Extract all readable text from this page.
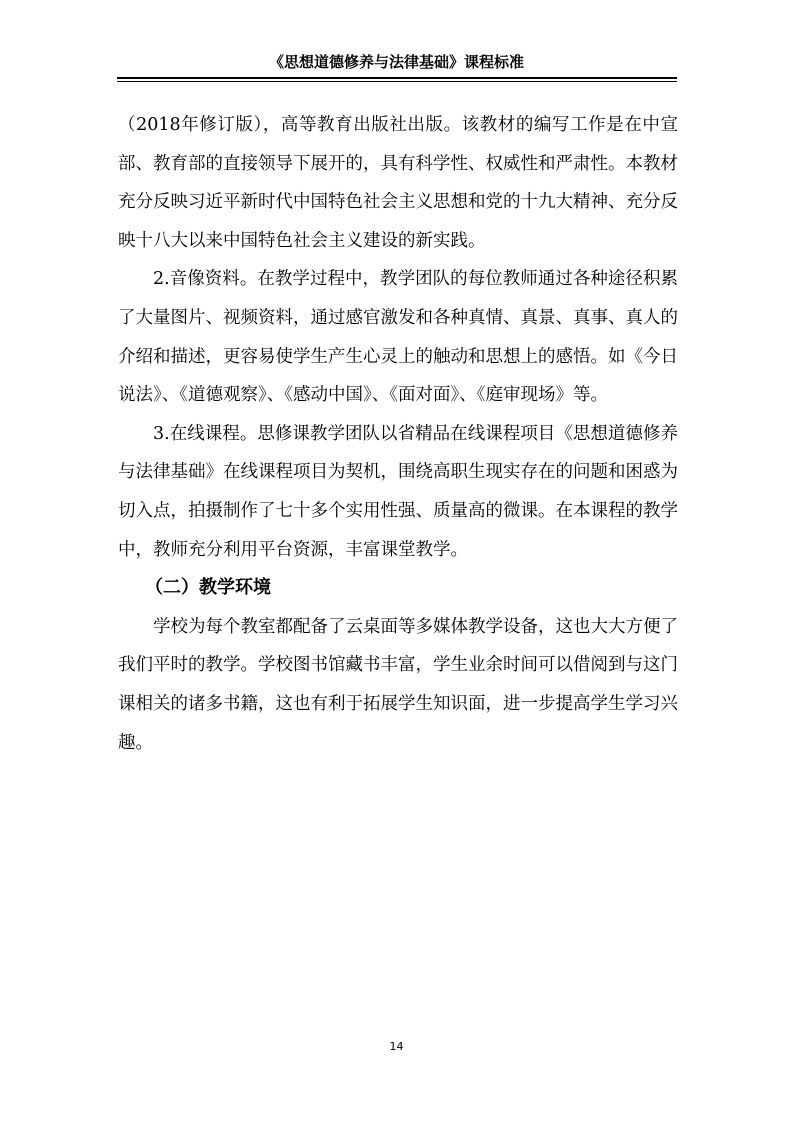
《思想道德修养与法律基础》课程标准

（2018年修订版），高等教育出版社出版。该教材的编写工作是在中宣部、教育部的直接领导下展开的，具有科学性、权威性和严肃性。本教材充分反映习近平新时代中国特色社会主义思想和党的十九大精神、充分反映十八大以来中国特色社会主义建设的新实践。

2.音像资料。在教学过程中，教学团队的每位教师通过各种途径积累了大量图片、视频资料，通过感官激发和各种真情、真景、真事、真人的介绍和描述，更容易使学生产生心灵上的触动和思想上的感悟。如《今日说法》、《道德观察》、《感动中国》、《面对面》、《庭审现场》等。

3.在线课程。思修课教学团队以省精品在线课程项目《思想道德修养与法律基础》在线课程项目为契机，围绕高职生现实存在的问题和困惑为切入点，拍摄制作了七十多个实用性强、质量高的微课。在本课程的教学中，教师充分利用平台资源，丰富课堂教学。

（二）教学环境

学校为每个教室都配备了云桌面等多媒体教学设备，这也大大方便了我们平时的教学。学校图书馆藏书丰富，学生业余时间可以借阅到与这门课相关的诸多书籍，这也有利于拓展学生知识面，进一步提高学生学习兴趣。

14
